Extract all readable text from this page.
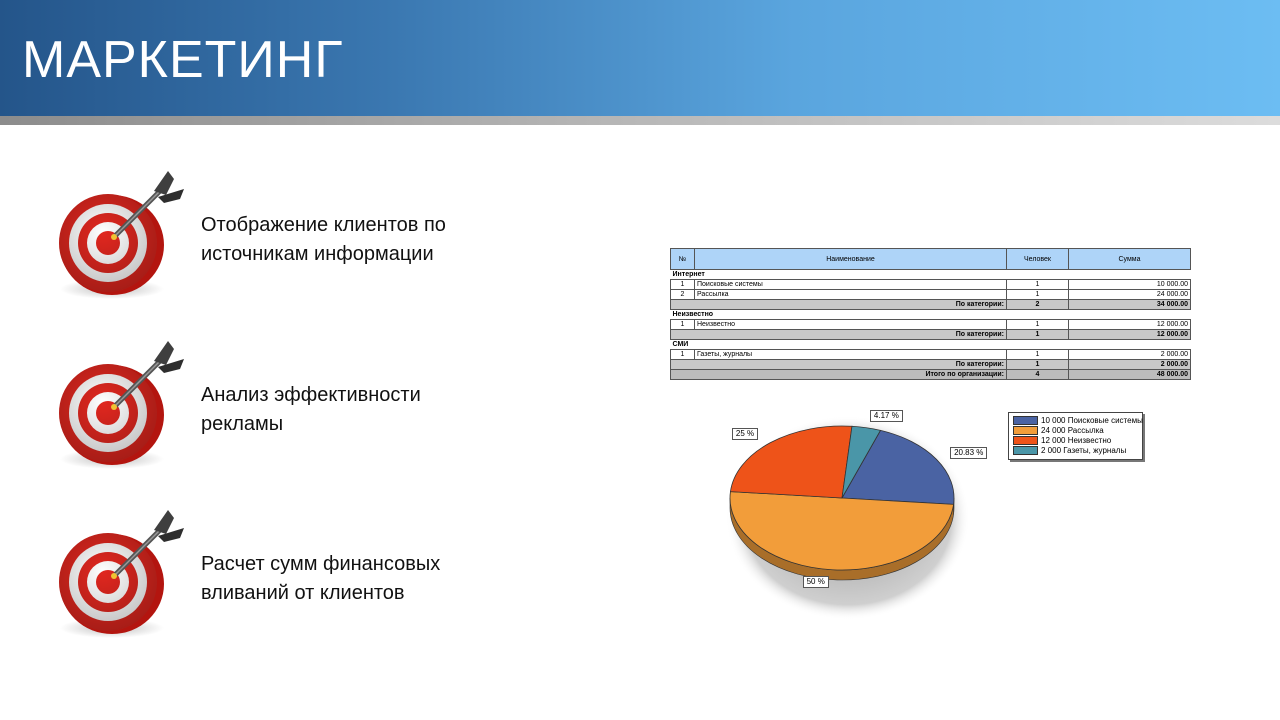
МАРКЕТИНГ
Отображение клиентов по источникам информации
Анализ эффективности рекламы
Расчет сумм финансовых вливаний от клиентов
№	Наименование	Человек	Сумма
Интернет			
1	Поисковые системы	1	10 000.00
2	Рассылка	1	24 000.00
По категории:		2	34 000.00
Неизвестно			
1	Неизвестно	1	12 000.00
По категории:		1	12 000.00
СМИ			
1	Газеты, журналы	1	2 000.00
По категории:		1	2 000.00
Итого по организации:		4	48 000.00
10 000 Поисковые системы
24 000 Рассылка
12 000 Неизвестно
2 000 Газеты, журналы
20.83 %
50 %
25 %
4.17 %
